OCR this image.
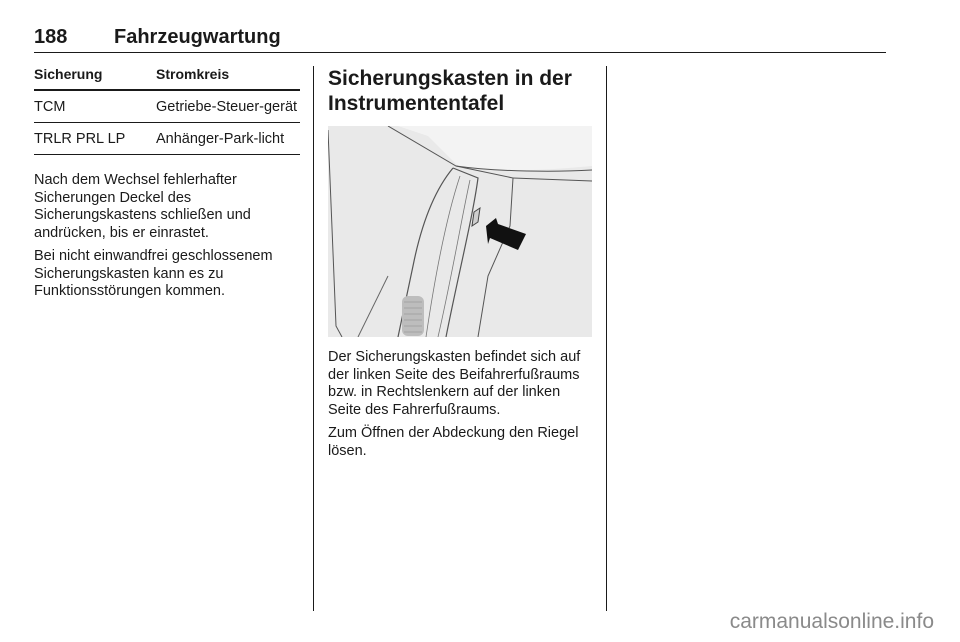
188 Fahrzeugwartung
Sicherung	Stromkreis
TCM	Getriebe-Steuer-gerät
TRLR PRL LP	Anhänger-Park-licht

Nach dem Wechsel fehlerhafter Sicherungen Deckel des Sicherungskastens schließen und andrücken, bis er einrastet.

Bei nicht einwandfrei geschlossenem Sicherungskasten kann es zu Funktionsstörungen kommen.

Sicherungskasten in der Instrumententafel

Der Sicherungskasten befindet sich auf der linken Seite des Beifahrerfußraums bzw. in Rechtslenkern auf der linken Seite des Fahrerfußraums.

Zum Öffnen der Abdeckung den Riegel lösen.

carmanualsonline.info
